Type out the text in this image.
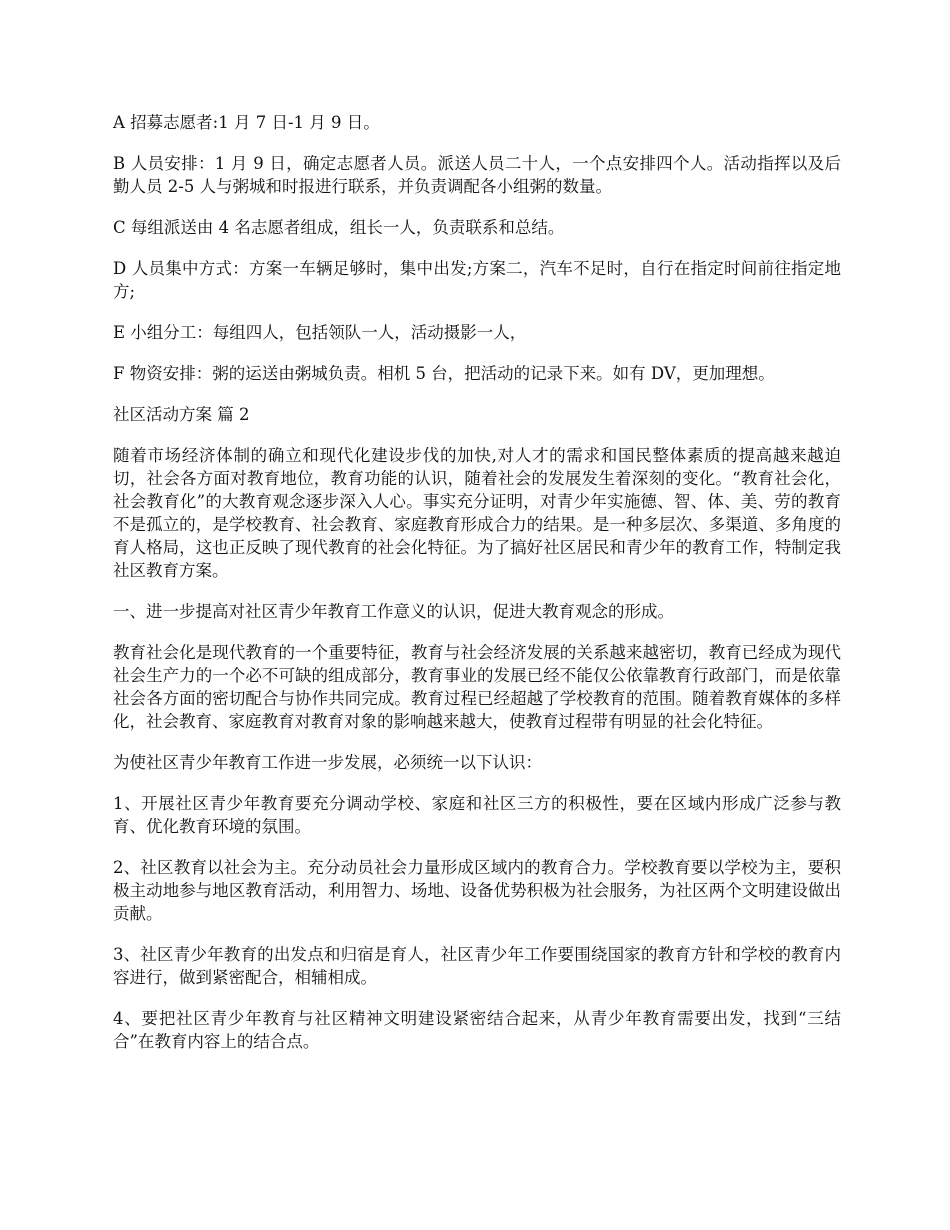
A 招募志愿者:1 月 7 日-1 月 9 日。

B 人员安排：1 月 9 日，确定志愿者人员。派送人员二十人，一个点安排四个人。活动指挥以及后勤人员 2-5 人与粥城和时报进行联系，并负责调配各小组粥的数量。

C 每组派送由 4 名志愿者组成，组长一人，负责联系和总结。

D 人员集中方式：方案一车辆足够时，集中出发;方案二，汽车不足时，自行在指定时间前往指定地方;

E 小组分工：每组四人，包括领队一人，活动摄影一人，

F 物资安排：粥的运送由粥城负责。相机 5 台，把活动的记录下来。如有 DV，更加理想。

社区活动方案 篇 2

随着市场经济体制的确立和现代化建设步伐的加快,对人才的需求和国民整体素质的提高越来越迫切，社会各方面对教育地位，教育功能的认识，随着社会的发展发生着深刻的变化。“教育社会化，社会教育化”的大教育观念逐步深入人心。事实充分证明，对青少年实施德、智、体、美、劳的教育不是孤立的，是学校教育、社会教育、家庭教育形成合力的结果。是一种多层次、多渠道、多角度的育人格局，这也正反映了现代教育的社会化特征。为了搞好社区居民和青少年的教育工作，特制定我社区教育方案。

一、进一步提高对社区青少年教育工作意义的认识，促进大教育观念的形成。

教育社会化是现代教育的一个重要特征，教育与社会经济发展的关系越来越密切，教育已经成为现代社会生产力的一个必不可缺的组成部分，教育事业的发展已经不能仅公依靠教育行政部门，而是依靠社会各方面的密切配合与协作共同完成。教育过程已经超越了学校教育的范围。随着教育媒体的多样化，社会教育、家庭教育对教育对象的影响越来越大，使教育过程带有明显的社会化特征。

为使社区青少年教育工作进一步发展，必须统一以下认识：

1、开展社区青少年教育要充分调动学校、家庭和社区三方的积极性，要在区域内形成广泛参与教育、优化教育环境的氛围。

2、社区教育以社会为主。充分动员社会力量形成区域内的教育合力。学校教育要以学校为主，要积极主动地参与地区教育活动，利用智力、场地、设备优势积极为社会服务，为社区两个文明建设做出贡献。

3、社区青少年教育的出发点和归宿是育人，社区青少年工作要围绕国家的教育方针和学校的教育内容进行，做到紧密配合，相辅相成。

4、要把社区青少年教育与社区精神文明建设紧密结合起来，从青少年教育需要出发，找到“三结合”在教育内容上的结合点。
